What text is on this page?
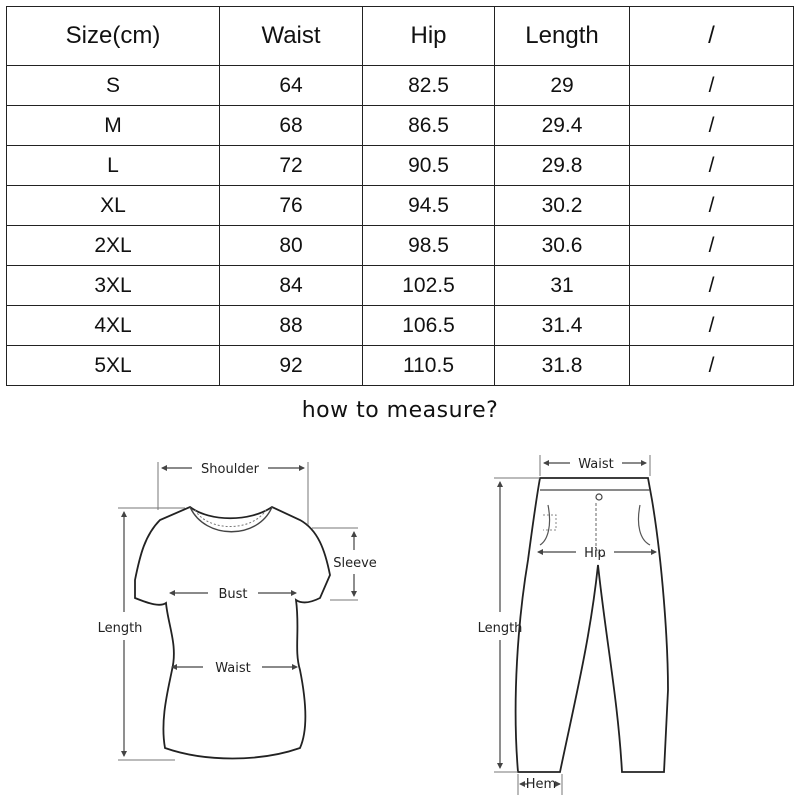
Size(cm)	Waist	Hip	Length	/
S	64	82.5	29	/
M	68	86.5	29.4	/
L	72	90.5	29.8	/
XL	76	94.5	30.2	/
2XL	80	98.5	30.6	/
3XL	84	102.5	31	/
4XL	88	106.5	31.4	/
5XL	92	110.5	31.8	/
how to measure?
Shoulder
Sleeve
Bust
Waist
Length
Waist
Hip
Length
Hem
